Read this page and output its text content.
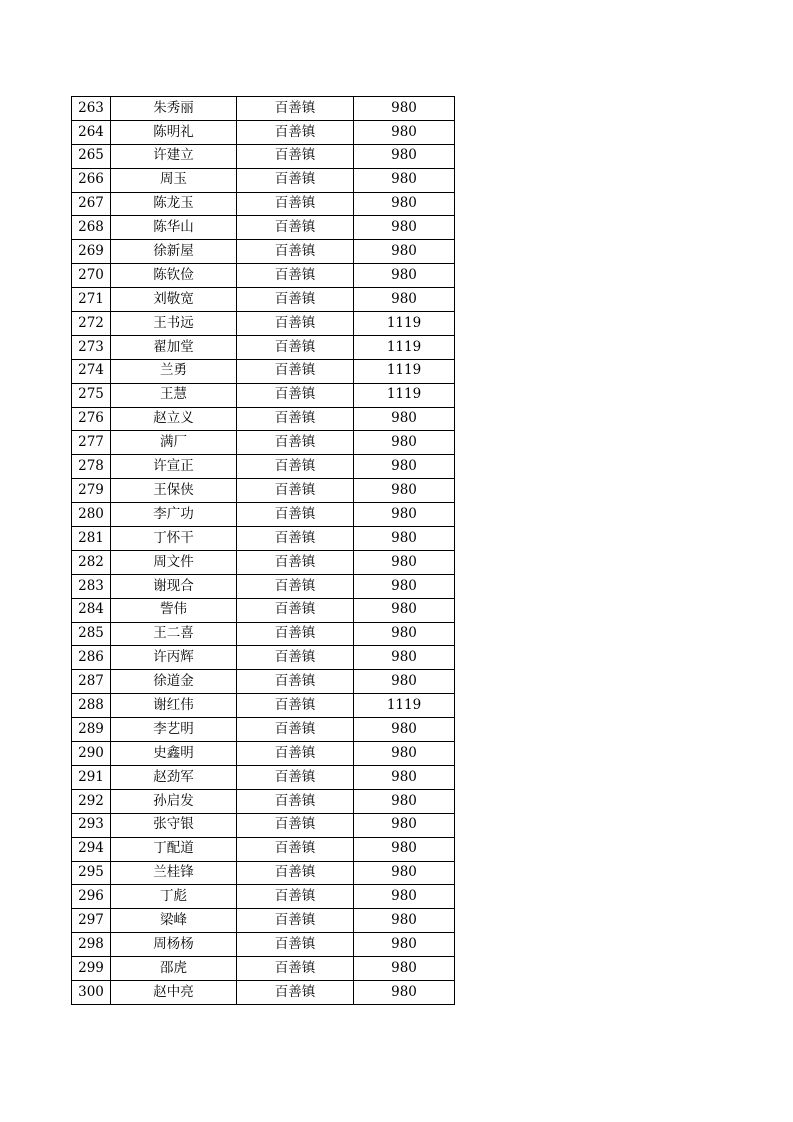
263	朱秀丽	百善镇	980
264	陈明礼	百善镇	980
265	许建立	百善镇	980
266	周玉	百善镇	980
267	陈龙玉	百善镇	980
268	陈华山	百善镇	980
269	徐新屋	百善镇	980
270	陈钦俭	百善镇	980
271	刘敬宽	百善镇	980
272	王书远	百善镇	1119
273	翟加堂	百善镇	1119
274	兰勇	百善镇	1119
275	王慧	百善镇	1119
276	赵立义	百善镇	980
277	满厂	百善镇	980
278	许宣正	百善镇	980
279	王保侠	百善镇	980
280	李广功	百善镇	980
281	丁怀干	百善镇	980
282	周文件	百善镇	980
283	谢现合	百善镇	980
284	訾伟	百善镇	980
285	王二喜	百善镇	980
286	许丙辉	百善镇	980
287	徐道金	百善镇	980
288	谢红伟	百善镇	1119
289	李艺明	百善镇	980
290	史鑫明	百善镇	980
291	赵劲军	百善镇	980
292	孙启发	百善镇	980
293	张守银	百善镇	980
294	丁配道	百善镇	980
295	兰桂锋	百善镇	980
296	丁彪	百善镇	980
297	梁峰	百善镇	980
298	周杨杨	百善镇	980
299	邵虎	百善镇	980
300	赵中亮	百善镇	980
